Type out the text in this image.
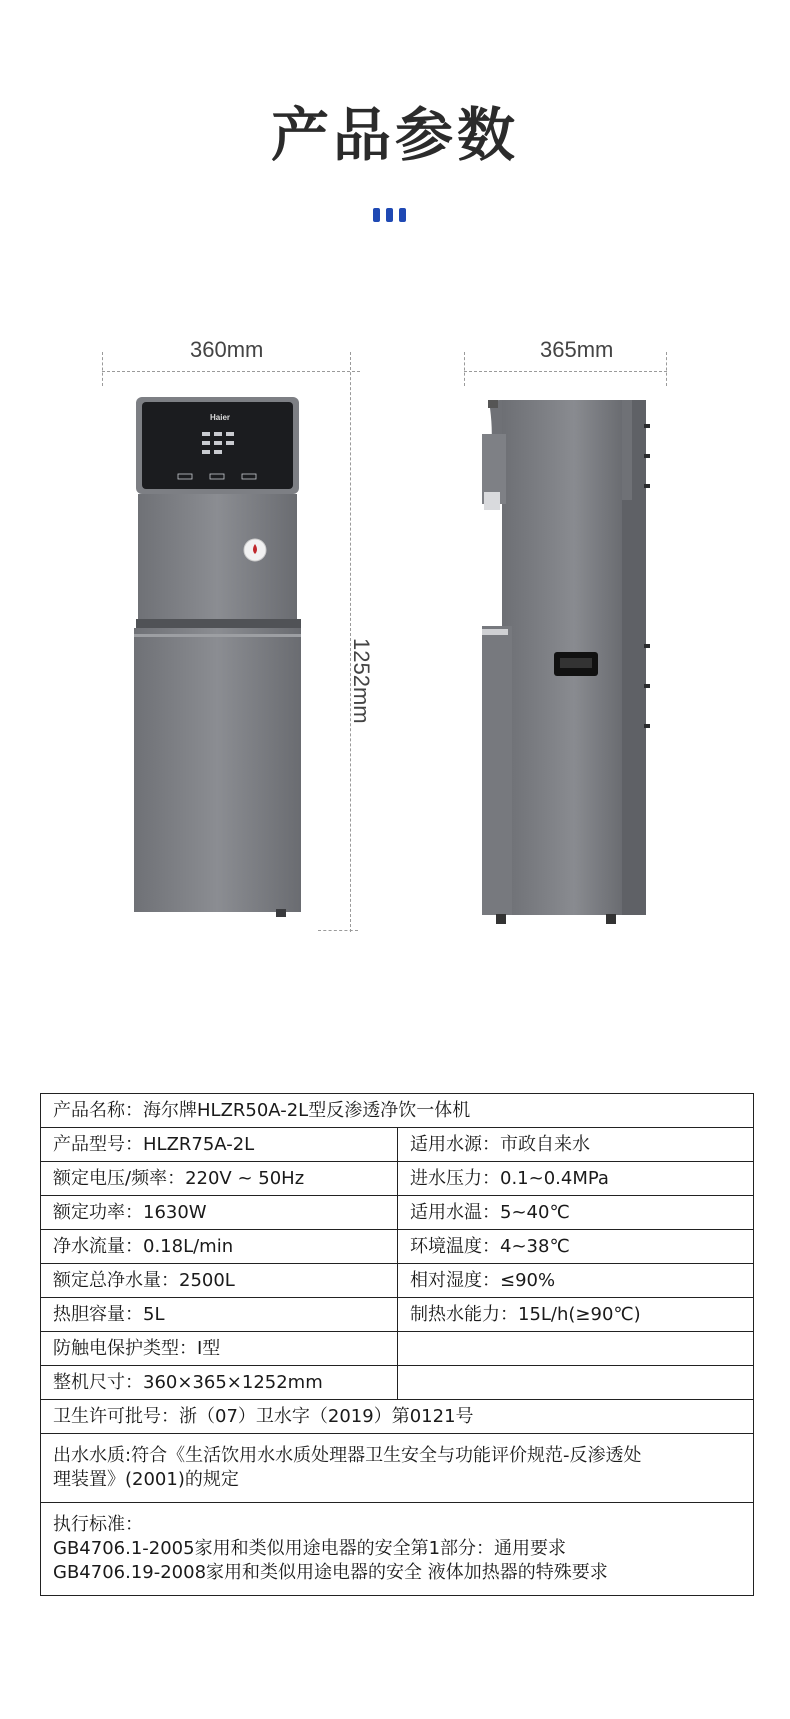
产品参数
360mm
1252mm
365mm
Haier
产品名称：海尔牌HLZR50A-2L型反渗透净饮一体机
产品型号：HLZR75A-2L	适用水源：市政自来水
额定电压/频率：220V ~ 50Hz	进水压力：0.1~0.4MPa
额定功率：1630W	适用水温：5~40℃
净水流量：0.18L/min	环境温度：4~38℃
额定总净水量：2500L	相对湿度：≤90%
热胆容量：5L	制热水能力：15L/h(≥90℃)
防触电保护类型：I型
整机尺寸：360×365×1252mm
卫生许可批号：浙（07）卫水字（2019）第0121号
出水水质:符合《生活饮用水水质处理器卫生安全与功能评价规范-反渗透处
理装置》(2001)的规定
执行标准：
GB4706.1-2005家用和类似用途电器的安全第1部分：通用要求
GB4706.19-2008家用和类似用途电器的安全 液体加热器的特殊要求
